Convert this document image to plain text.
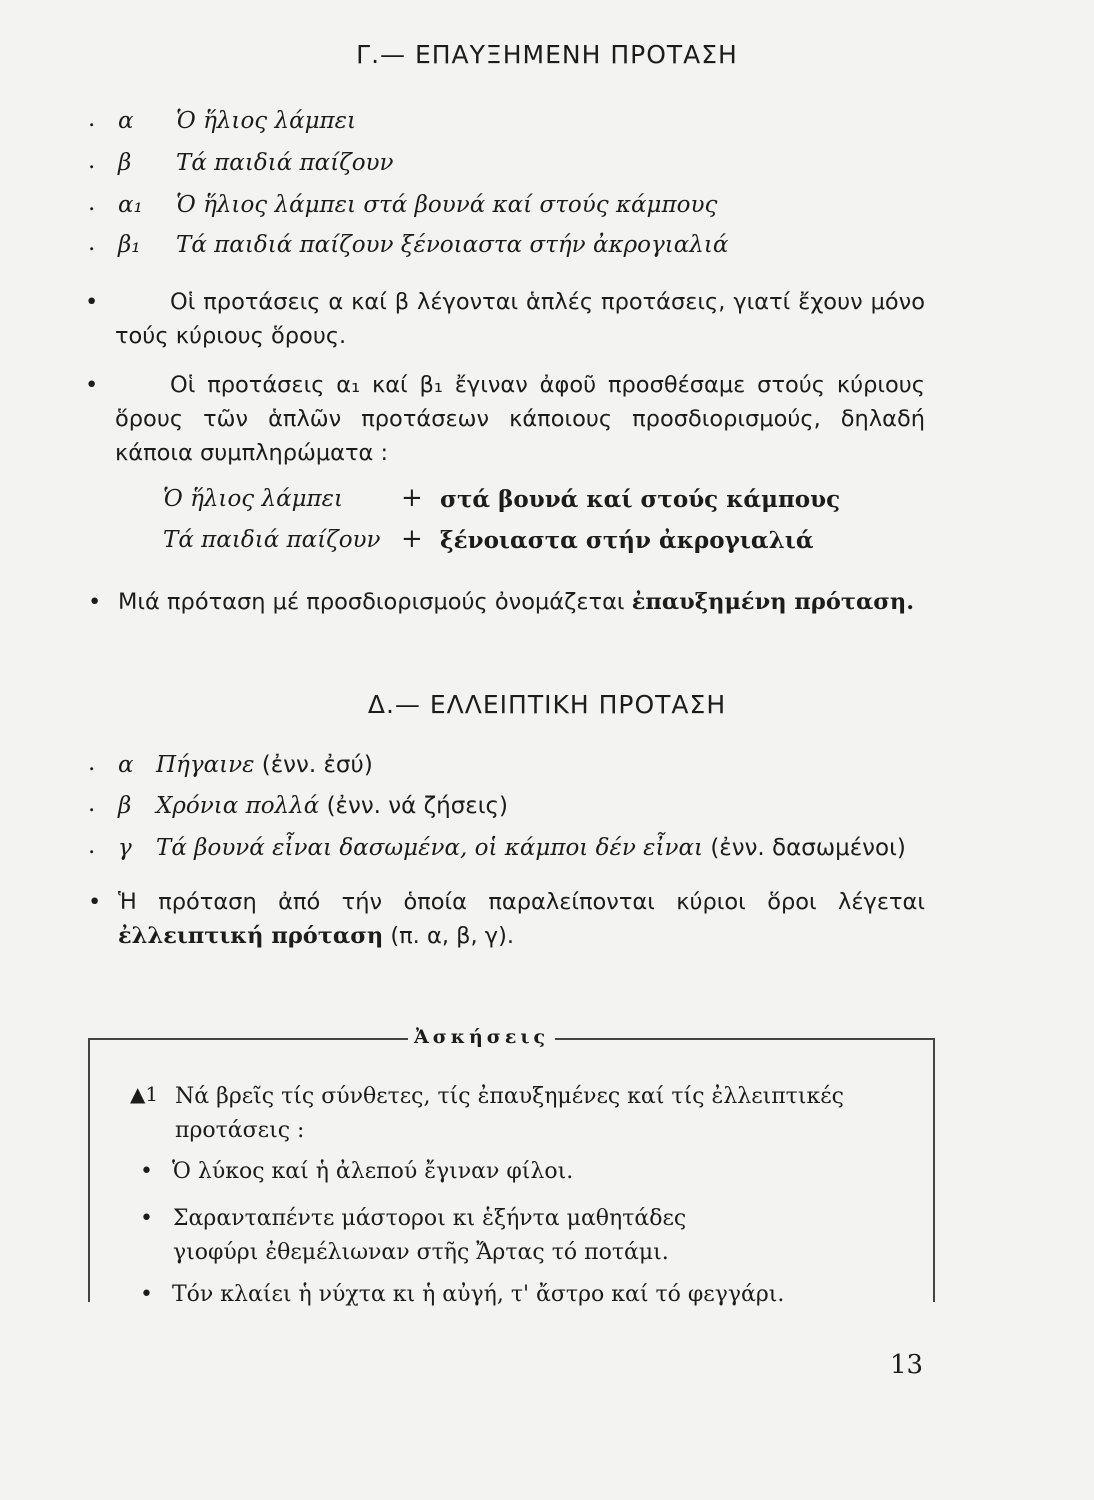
Γ.— ΕΠΑΥΞΗΜΕΝΗ ΠΡΟΤΑΣΗ
. α Ὁ ἥλιος λάμπει
. β Τά παιδιά παίζουν
. α₁ Ὁ ἥλιος λάμπει στά βουνά καί στούς κάμπους
. β₁ Τά παιδιά παίζουν ξένοιαστα στήν ἀκρογιαλιά
•	Οἱ προτάσεις α καί β λέγονται ἁπλές προτάσεις, γιατί ἔχουν μόνο τούς κύριους ὅρους.
•	Οἱ προτάσεις α₁ καί β₁ ἔγιναν ἀφοῦ προσθέσαμε στούς κύριους ὅρους τῶν ἁπλῶν προτάσεων κάποιους προσδιορισμούς, δηλαδή κάποια συμπληρώματα :
Ὁ ἥλιος λάμπει + στά βουνά καί στούς κάμπους
Τά παιδιά παίζουν + ξένοιαστα στήν ἀκρογιαλιά
• Μιά πρόταση μέ προσδιορισμούς ὀνομάζεται ἐπαυξημένη πρόταση.
Δ.— ΕΛΛΕΙΠΤΙΚΗ ΠΡΟΤΑΣΗ
. α Πήγαινε (ἐνν. ἐσύ)
. β Χρόνια πολλά (ἐνν. νά ζήσεις)
. γ Τά βουνά εἶναι δασωμένα, οἱ κάμποι δέν εἶναι (ἐνν. δασωμένοι)
• Ἡ πρόταση ἀπό τήν ὁποία παραλείπονται κύριοι ὅροι λέγεται ἐλλειπτική πρόταση (π. α, β, γ).
Ἀσκήσεις
▲1 Νά βρεῖς τίς σύνθετες, τίς ἐπαυξημένες καί τίς ἐλλειπτικές προτάσεις :
• Ὁ λύκος καί ἡ ἀλεπού ἔγιναν φίλοι.
• Σαρανταπέντε μάστοροι κι ἑξήντα μαθητάδες γιοφύρι ἐθεμέλιωναν στῆς Ἄρτας τό ποτάμι.
• Τόν κλαίει ἡ νύχτα κι ἡ αὐγή, τ' ἄστρο καί τό φεγγάρι.
13
